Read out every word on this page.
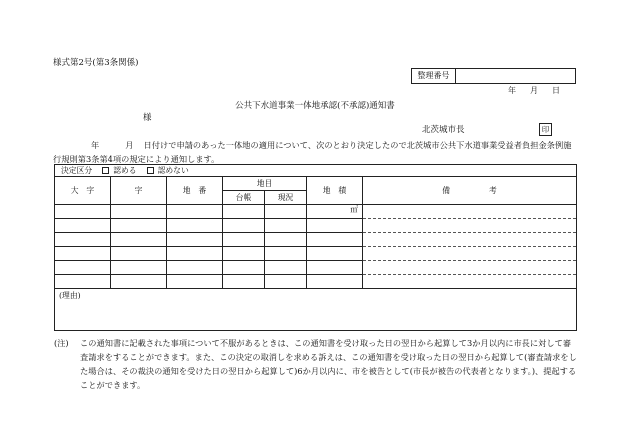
様式第2号(第3条関係)
整理番号
年 月 日
公共下水道事業一体地承認(不承認)通知書
様
北茨城市長	印
年	月 日付けで申請のあった一体地の適用について、次のとおり決定したので北茨城市公共下水道事業受益者負担金条例施行規則第3条第4項の規定により通知します。
決定区分 認める 認めない						
大　字	字	地　番	地目		地　積	備　　　　　考
			台帳	現況		
					㎡	

(理由)						
(注) この通知書に記載された事項について不服があるときは、この通知書を受け取った日の翌日から起算して3か月以内に市長に対して審査請求をすることができます。また、この決定の取消しを求める訴えは、この通知書を受け取った日の翌日から起算して(審査請求をした場合は、その裁決の通知を受けた日の翌日から起算して)6か月以内に、市を被告として(市長が被告の代表者となります。)、提起することができます。
